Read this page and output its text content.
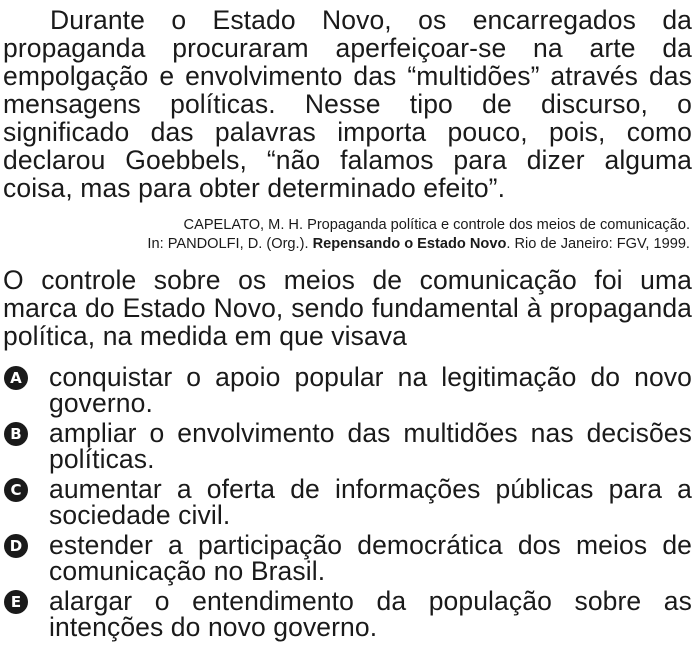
Durante o Estado Novo, os encarregados da propaganda procuraram aperfeiçoar-se na arte da empolgação e envolvimento das “multidões” através das mensagens políticas. Nesse tipo de discurso, o significado das palavras importa pouco, pois, como declarou Goebbels, “não falamos para dizer alguma coisa, mas para obter determinado efeito”.

CAPELATO, M. H. Propaganda política e controle dos meios de comunicação.
In: PANDOLFI, D. (Org.). Repensando o Estado Novo. Rio de Janeiro: FGV, 1999.

O controle sobre os meios de comunicação foi uma marca do Estado Novo, sendo fundamental à propaganda política, na medida em que visava

A conquistar o apoio popular na legitimação do novo governo.
B ampliar o envolvimento das multidões nas decisões políticas.
C aumentar a oferta de informações públicas para a sociedade civil.
D estender a participação democrática dos meios de comunicação no Brasil.
E alargar o entendimento da população sobre as intenções do novo governo.
